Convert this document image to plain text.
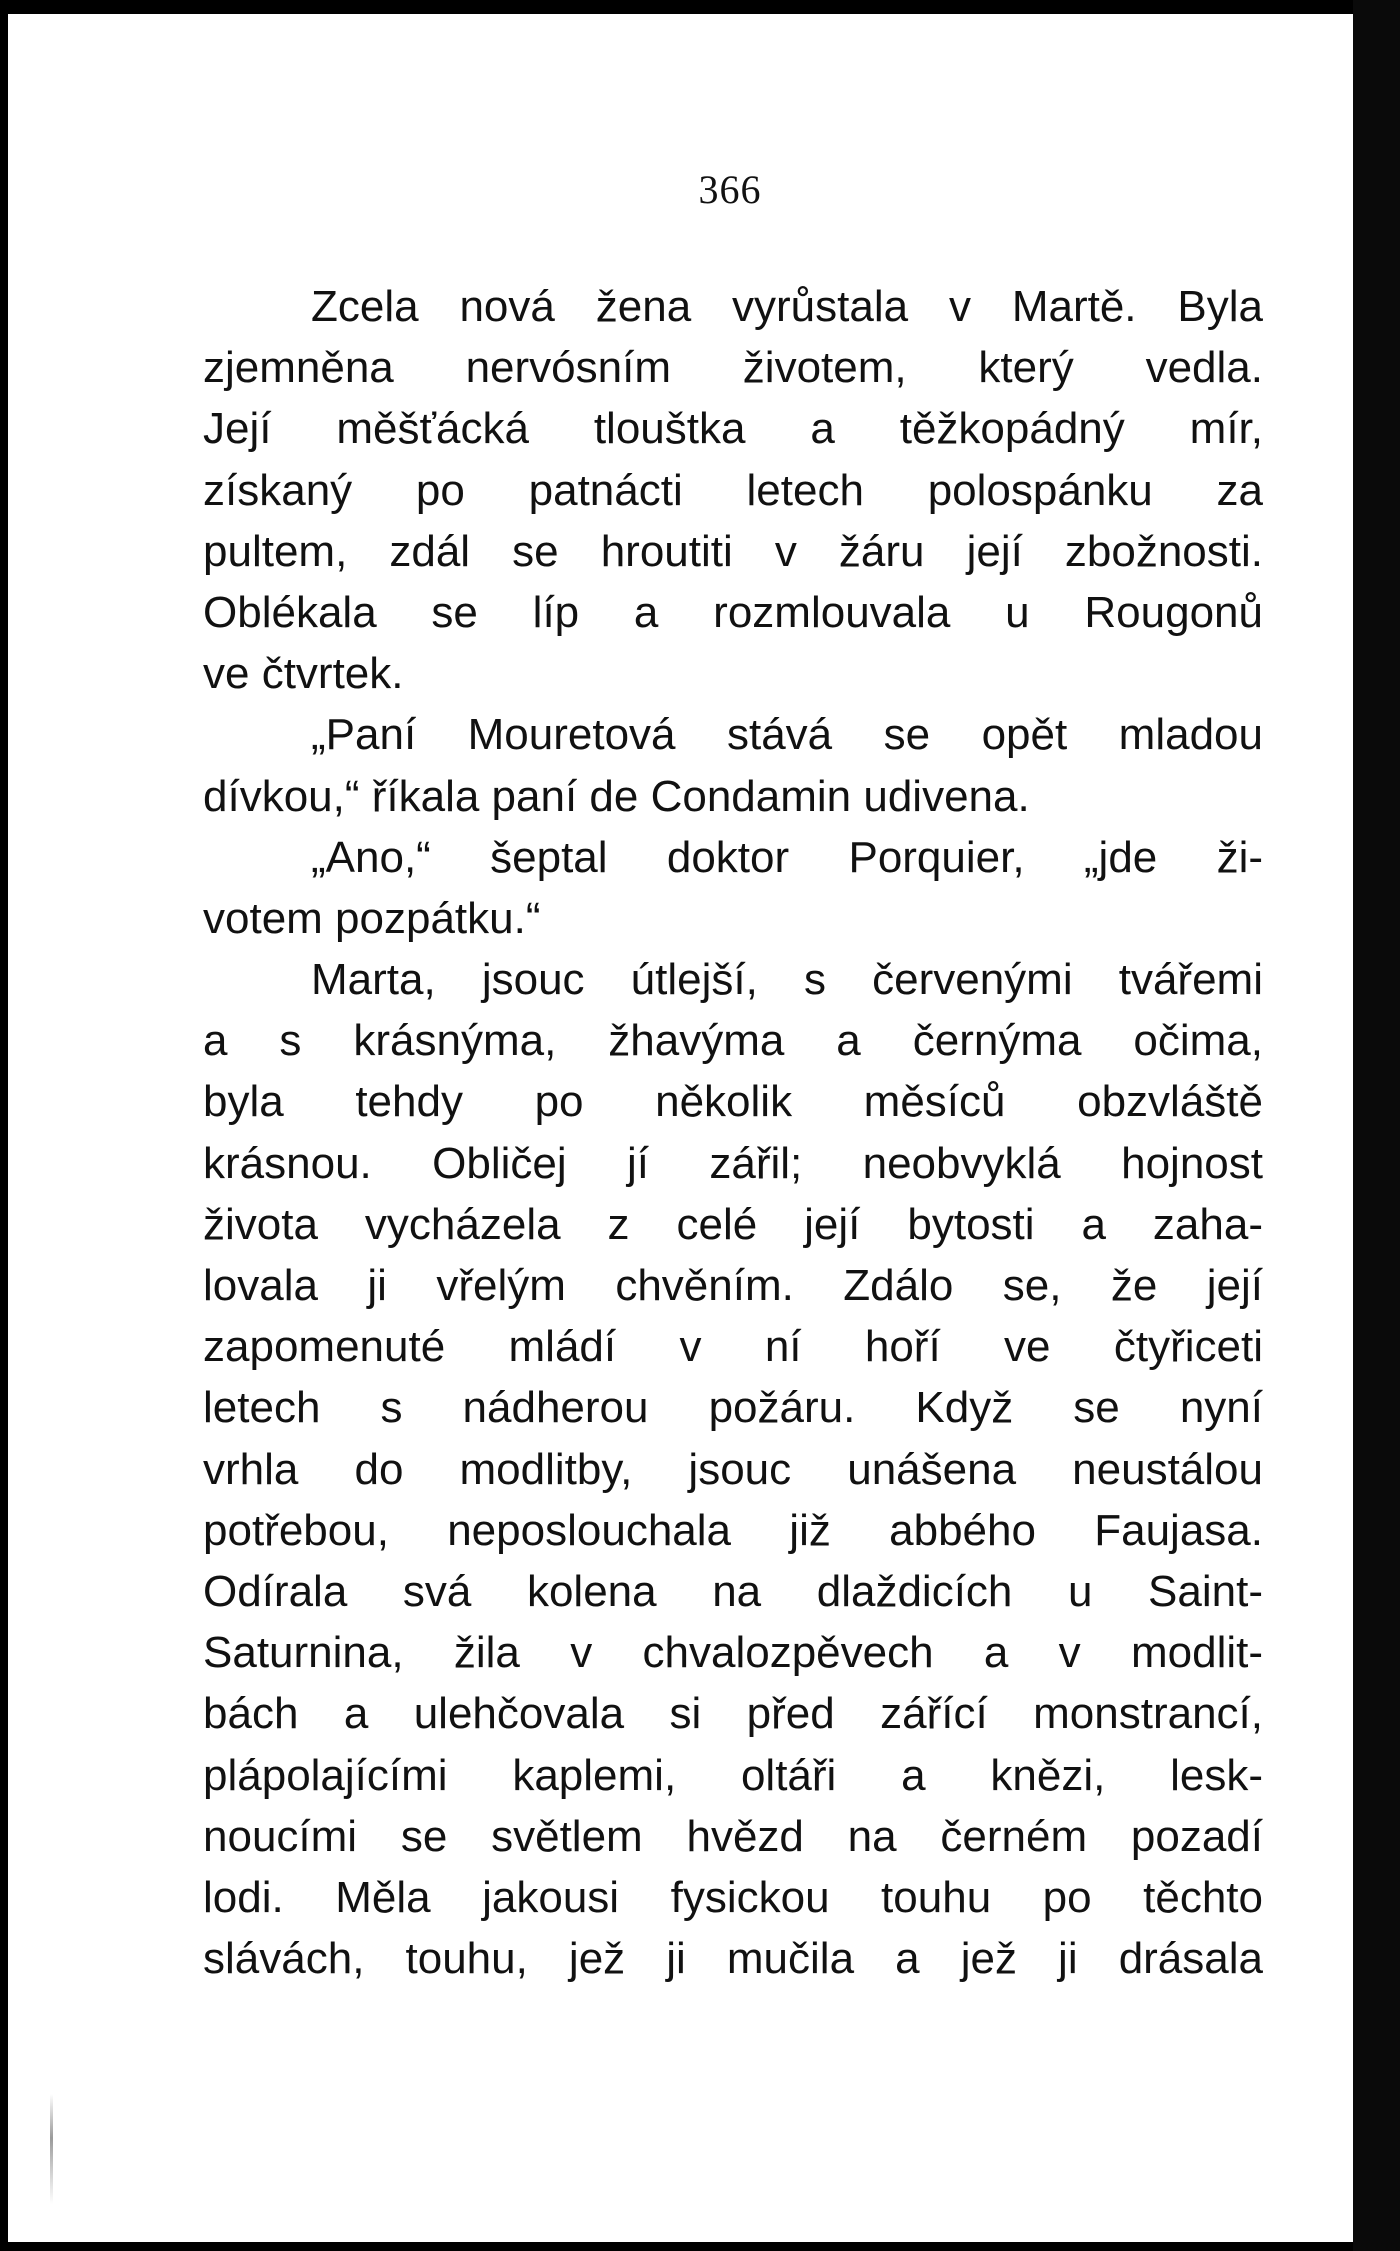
366
Zcela nová žena vyrůstala v Martě. Byla
zjemněna nervósním životem, který vedla.
Její měšťácká tlouštka a těžkopádný mír,
získaný po patnácti letech polospánku za
pultem, zdál se hroutiti v žáru její zbožnosti.
Oblékala se líp a rozmlouvala u Rougonů
ve čtvrtek.
„Paní Mouretová stává se opět mladou
dívkou,“ říkala paní de Condamin udivena.
„Ano,“ šeptal doktor Porquier, „jde ži-
votem pozpátku.“
Marta, jsouc útlejší, s červenými tvářemi
a s krásnýma, žhavýma a černýma očima,
byla tehdy po několik měsíců obzvláště
krásnou. Obličej jí zářil; neobvyklá hojnost
života vycházela z celé její bytosti a zaha-
lovala ji vřelým chvěním. Zdálo se, že její
zapomenuté mládí v ní hoří ve čtyřiceti
letech s nádherou požáru. Když se nyní
vrhla do modlitby, jsouc unášena neustálou
potřebou, neposlouchala již abbého Faujasa.
Odírala svá kolena na dlaždicích u Saint-
Saturnina, žila v chvalozpěvech a v modlit-
bách a ulehčovala si před zářící monstrancí,
plápolajícími kaplemi, oltáři a knězi, lesk-
noucími se světlem hvězd na černém pozadí
lodi. Měla jakousi fysickou touhu po těchto
slávách, touhu, jež ji mučila a jež ji drásala
